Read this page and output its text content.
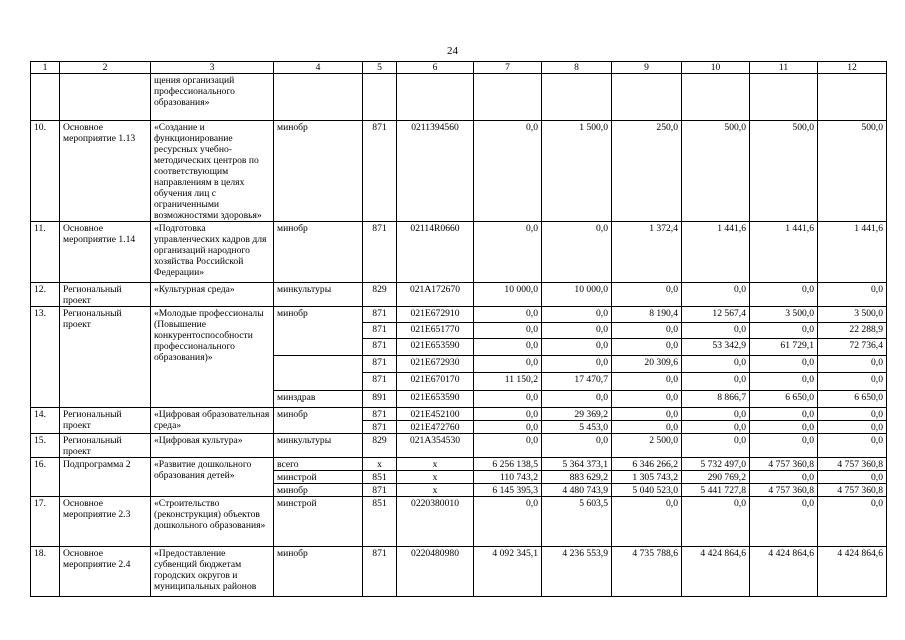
24
1	2	3	4	5	6	7	8	9	10	11	12
		щения организаций профессионального образования»									
10.	Основное мероприятие 1.13	«Создание и функционирование ресурсных учебно-методических центров по соответствующим направлениям в целях обучения лиц с ограниченными возможностями здоровья»	минобр	871	0211394560	0,0	1 500,0	250,0	500,0	500,0	500,0
11.	Основное мероприятие 1.14	«Подготовка управленческих кадров для организаций народного хозяйства Российской Федерации»	минобр	871	02114R0660	0,0	0,0	1 372,4	1 441,6	1 441,6	1 441,6
12.	Региональный проект	«Культурная среда»	минкультуры	829	021A172670	10 000,0	10 000,0	0,0	0,0	0,0	0,0
13.	Региональный проект	«Молодые профессионалы (Повышение конкурентоспособности профессионального образования)»	минобр	871	021E672910	0,0	0,0	8 190,4	12 567,4	3 500,0	3 500,0
				871	021E651770	0,0	0,0	0,0	0,0	0,0	22 288,9
				871	021E653590	0,0	0,0	0,0	53 342,9	61 729,1	72 736,4
				871	021E672930	0,0	0,0	20 309,6	0,0	0,0	0,0
				871	021E670170	11 150,2	17 470,7	0,0	0,0	0,0	0,0
			минздрав	891	021E653590	0,0	0,0	0,0	8 866,7	6 650,0	6 650,0
14.	Региональный проект	«Цифровая образовательная среда»	минобр	871	021E452100	0,0	29 369,2	0,0	0,0	0,0	0,0
				871	021E472760	0,0	5 453,0	0,0	0,0	0,0	0,0
15.	Региональный проект	«Цифровая культура»	минкультуры	829	021A354530	0,0	0,0	2 500,0	0,0	0,0	0,0
16.	Подпрограмма 2	«Развитие дошкольного образования детей»	всего	x	x	6 256 138,5	5 364 373,1	6 346 266,2	5 732 497,0	4 757 360,8	4 757 360,8
			минстрой	851	x	110 743,2	883 629,2	1 305 743,2	290 769,2	0,0	0,0
			минобр	871	x	6 145 395,3	4 480 743,9	5 040 523,0	5 441 727,8	4 757 360,8	4 757 360,8
17.	Основное мероприятие 2.3	«Строительство (реконструкция) объектов дошкольного образования»	минстрой	851	0220380010	0,0	5 603,5	0,0	0,0	0,0	0,0
18.	Основное мероприятие 2.4	«Предоставление субвенций бюджетам городских округов и муниципальных районов	минобр	871	0220480980	4 092 345,1	4 236 553,9	4 735 788,6	4 424 864,6	4 424 864,6	4 424 864,6
